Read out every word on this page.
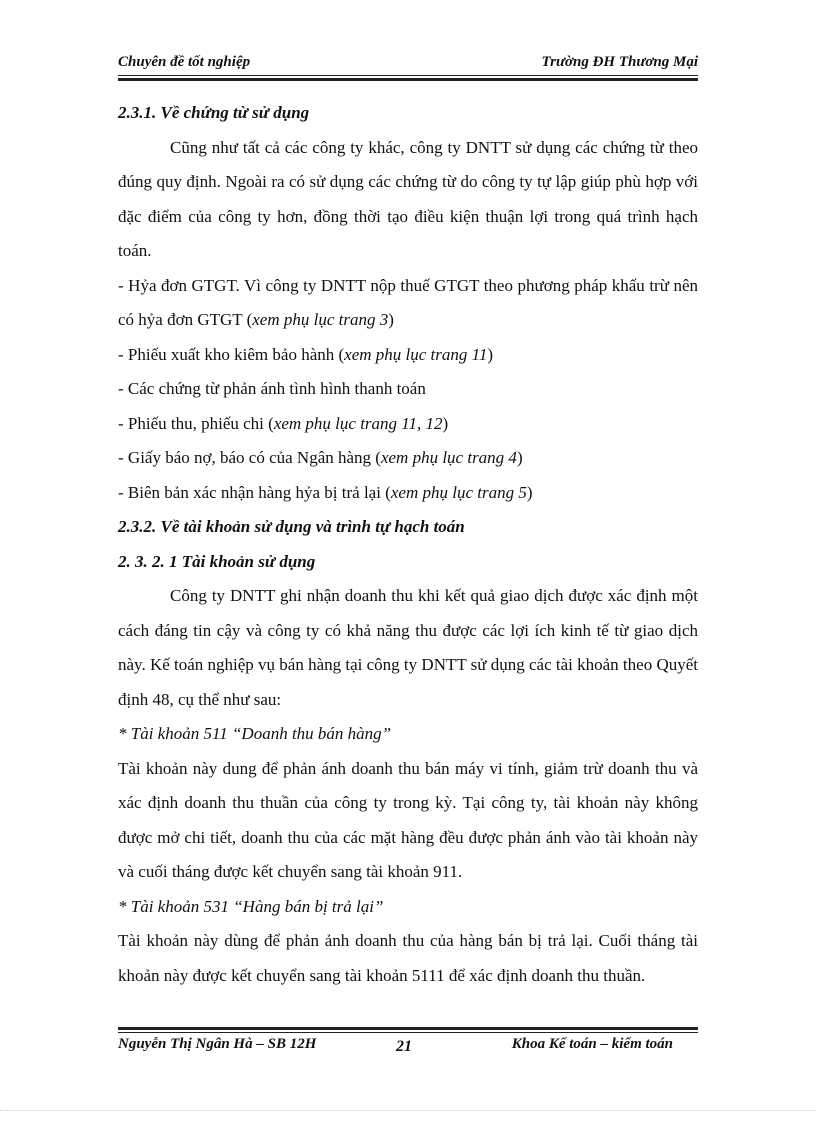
Chuyên đề tốt nghiệp	Trường ĐH Thương Mại

2.3.1. Về chứng từ sử dụng

Cũng như tất cả các công ty khác, công ty DNTT sử dụng các chứng từ theo đúng quy định. Ngoài ra có sử dụng các chứng từ do công ty tự lập giúp phù hợp với đặc điểm của công ty hơn, đồng thời tạo điều kiện thuận lợi trong quá trình hạch toán.

- Hỷa đơn GTGT. Vì công ty DNTT nộp thuế GTGT theo phương pháp khấu trừ nên có hỷa đơn GTGT (xem phụ lục trang 3)

- Phiếu xuất kho kiêm bảo hành (xem phụ lục trang 11)

- Các chứng từ phản ánh tình hình thanh toán

- Phiếu thu, phiếu chi (xem phụ lục trang 11, 12)

- Giấy báo nợ, báo có của Ngân hàng (xem phụ lục trang 4)

- Biên bản xác nhận hàng hỷa bị trả lại (xem phụ lục trang 5)

2.3.2. Về tài khoản sử dụng và trình tự hạch toán

2. 3. 2. 1 Tài khoản sử dụng

Công ty DNTT ghi nhận doanh thu khi kết quả giao dịch được xác định một cách đáng tin cậy và công ty có khả năng thu được các lợi ích kinh tế từ giao dịch này. Kế toán nghiệp vụ bán hàng tại công ty DNTT sử dụng các tài khoản theo Quyết định 48, cụ thể như sau:

* Tài khoản 511 “Doanh thu bán hàng”

Tài khoản này dung để phản ánh doanh thu bán máy vi tính, giảm trừ doanh thu và xác định doanh thu thuần của công ty trong kỳ. Tại công ty, tài khoản này không được mở chi tiết, doanh thu của các mặt hàng đều được phản ánh vào tài khoản này và cuối tháng được kết chuyển sang tài khoản 911.

* Tài khoản 531 “Hàng bán bị trả lại”

Tài khoản này dùng để phản ảnh doanh thu của hàng bán bị trả lại. Cuối tháng tài khoản này được kết chuyển sang tài khoản 5111 để xác định doanh thu thuần.

Nguyễn Thị Ngân Hà – SB 12H	21	Khoa Kế toán – kiểm toán
